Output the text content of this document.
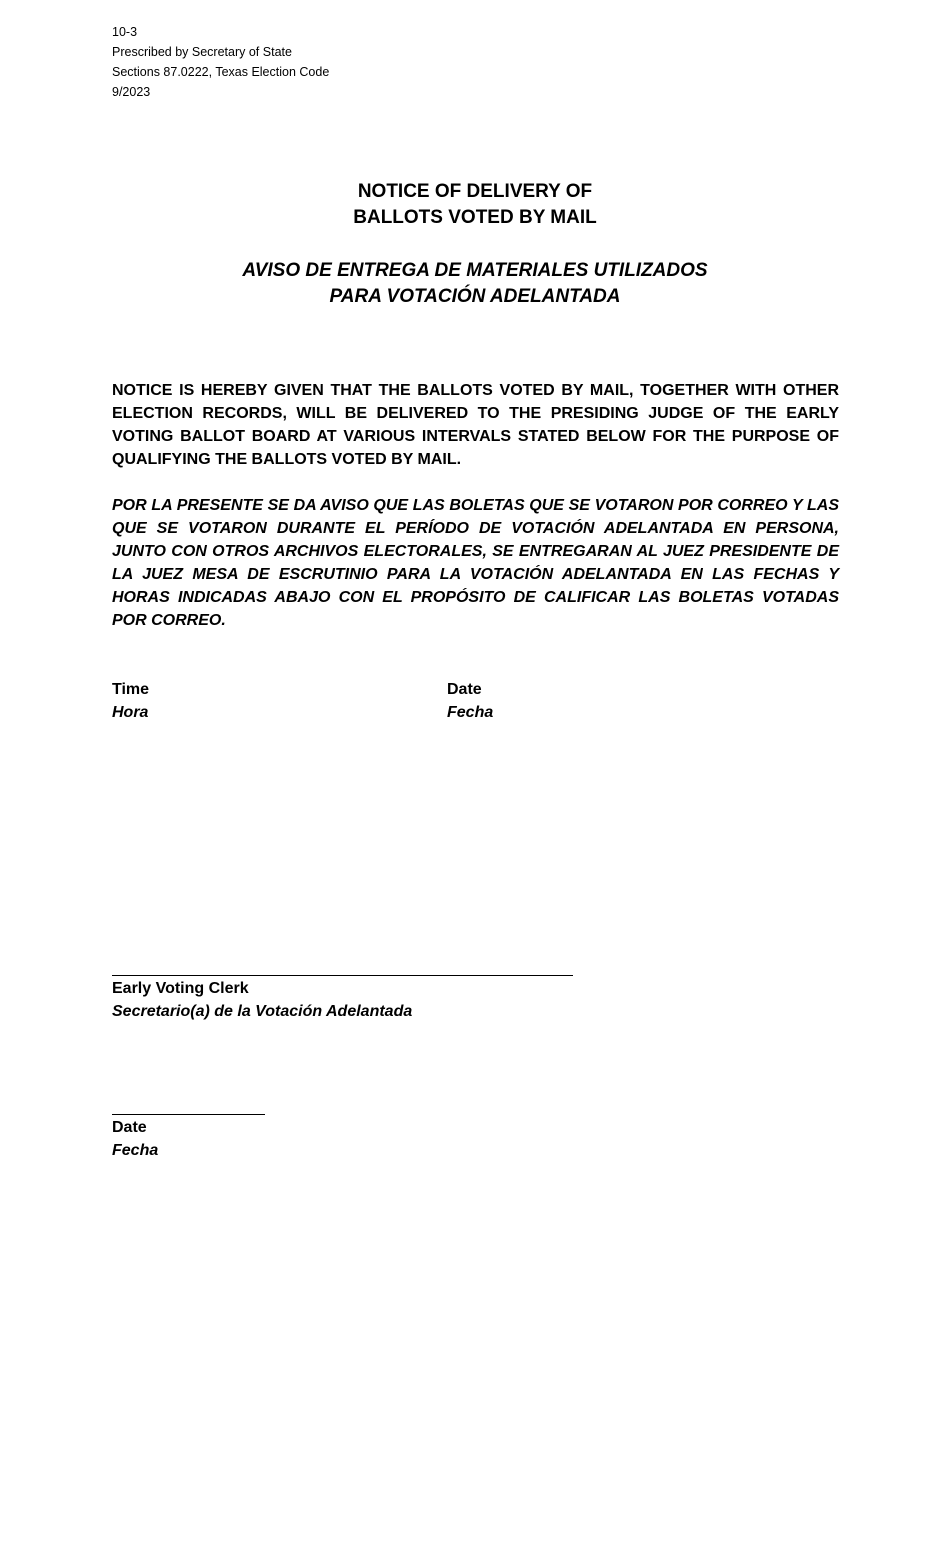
10-3
Prescribed by Secretary of State
Sections 87.0222, Texas Election Code
9/2023
NOTICE OF DELIVERY OF
BALLOTS VOTED BY MAIL
AVISO DE ENTREGA DE MATERIALES UTILIZADOS
PARA VOTACIÓN ADELANTADA
NOTICE IS HEREBY GIVEN THAT THE BALLOTS VOTED BY MAIL, TOGETHER WITH OTHER ELECTION RECORDS, WILL BE DELIVERED TO THE PRESIDING JUDGE OF THE EARLY VOTING BALLOT BOARD AT VARIOUS INTERVALS STATED BELOW FOR THE PURPOSE OF QUALIFYING THE BALLOTS VOTED BY MAIL.
POR LA PRESENTE SE DA AVISO QUE LAS BOLETAS QUE SE VOTARON POR CORREO Y LAS QUE SE VOTARON DURANTE EL PERÍODO DE VOTACIÓN ADELANTADA EN PERSONA, JUNTO CON OTROS ARCHIVOS ELECTORALES, SE ENTREGARAN AL JUEZ PRESIDENTE DE LA JUEZ MESA DE ESCRUTINIO PARA LA VOTACIÓN ADELANTADA EN LAS FECHAS Y HORAS INDICADAS ABAJO CON EL PROPÓSITO DE CALIFICAR LAS BOLETAS VOTADAS POR CORREO.
Time
Hora
Date
Fecha
Early Voting Clerk
Secretario(a) de la Votación Adelantada
Date
Fecha
